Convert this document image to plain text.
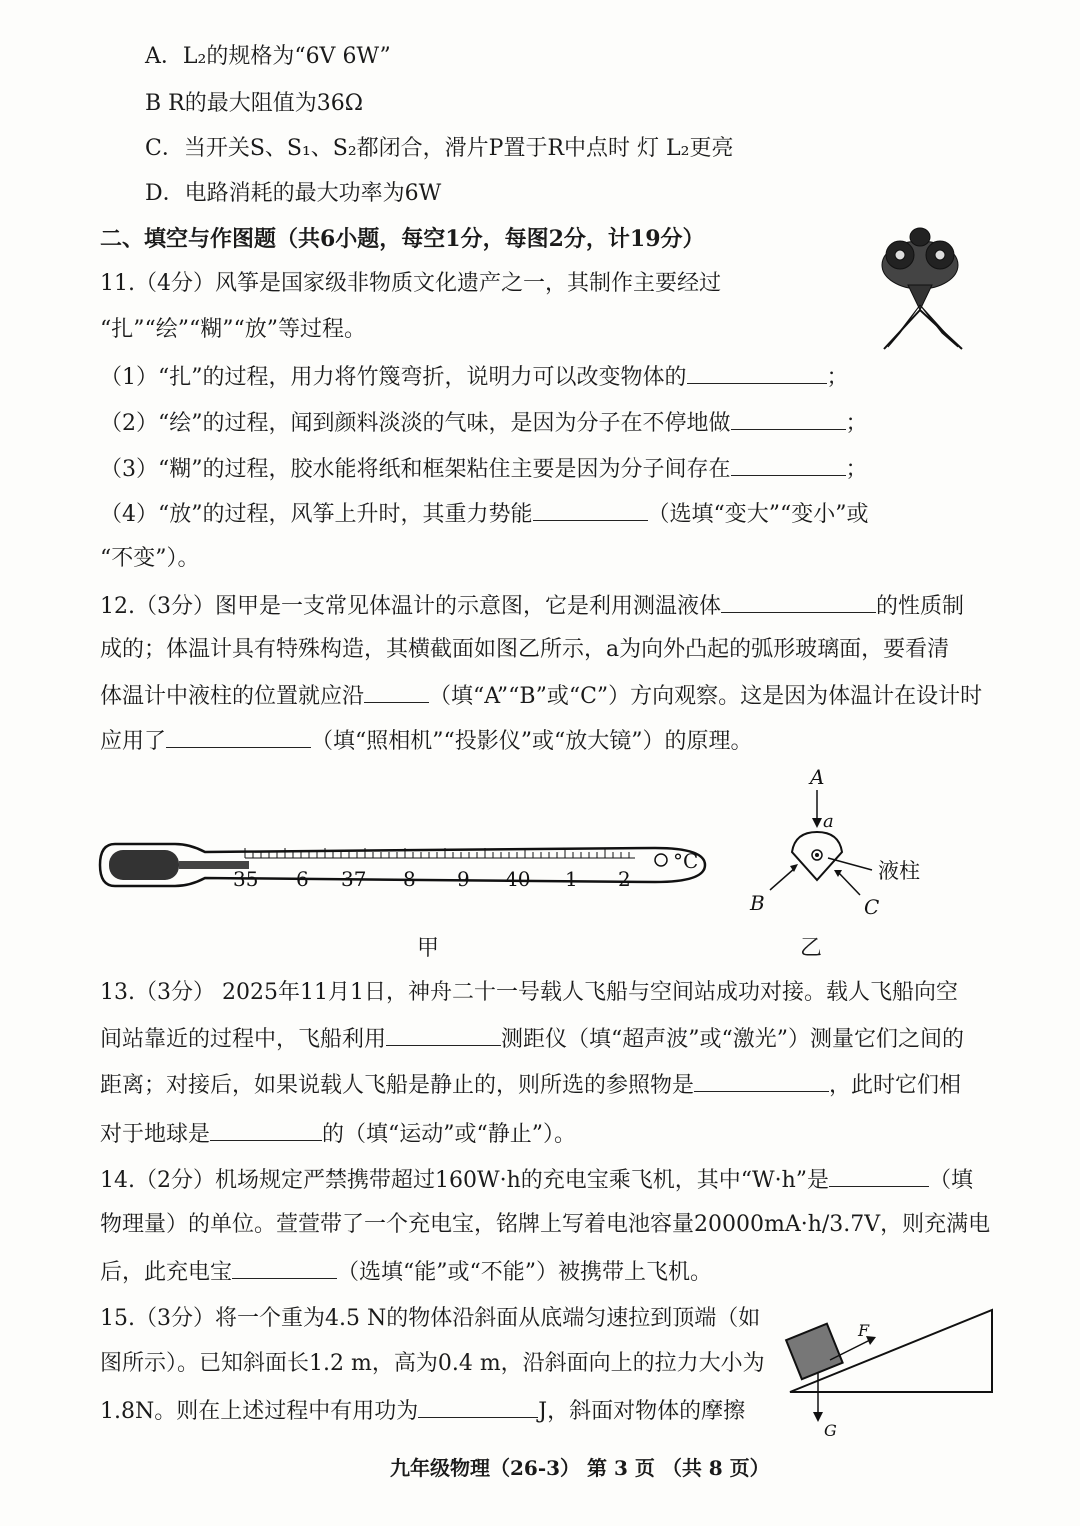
A．L₂的规格为“6V 6W”
B R的最大阻值为36Ω
C．当开关S、S₁、S₂都闭合，滑片P置于R中点时 灯 L₂更亮
D．电路消耗的最大功率为6W
二、填空与作图题（共6小题，每空1分，每图2分，计19分）
11.（4分）风筝是国家级非物质文化遗产之一，其制作主要经过
“扎”“绘”“糊”“放”等过程。
（1）“扎”的过程，用力将竹篾弯折，说明力可以改变物体的	；
（2）“绘”的过程，闻到颜料淡淡的气味，是因为分子在不停地做	；
（3）“糊”的过程，胶水能将纸和框架粘住主要是因为分子间存在	；
（4）“放”的过程，风筝上升时，其重力势能	（选填“变大”“变小”或
“不变”）。
12.（3分）图甲是一支常见体温计的示意图，它是利用测温液体	的性质制
成的；体温计具有特殊构造，其横截面如图乙所示，a为向外凸起的弧形玻璃面，要看清
体温计中液柱的位置就应沿	（填“A”“B”或“C”）方向观察。这是因为体温计在设计时
应用了	（填“照相机”“投影仪”或“放大镜”）的原理。
35 6 37 8 9 40 1 2
°C
A
a
液柱
B	C
甲	乙
13.（3分） 2025年11月1日，神舟二十一号载人飞船与空间站成功对接。载人飞船向空
间站靠近的过程中，飞船利用	测距仪（填“超声波”或“激光”）测量它们之间的
距离；对接后，如果说载人飞船是静止的，则所选的参照物是	，此时它们相
对于地球是	的（填“运动”或“静止”）。
14.（2分）机场规定严禁携带超过160W·h的充电宝乘飞机，其中“W·h”是	（填
物理量）的单位。萱萱带了一个充电宝，铭牌上写着电池容量20000mA·h/3.7V，则充满电
后，此充电宝	（选填“能”或“不能”）被携带上飞机。
15.（3分）将一个重为4.5 N的物体沿斜面从底端匀速拉到顶端（如
图所示）。已知斜面长1.2 m，高为0.4 m，沿斜面向上的拉力大小为
1.8N。则在上述过程中有用功为	J，斜面对物体的摩擦
F
G
九年级物理（26-3） 第 3 页 （共 8 页）
